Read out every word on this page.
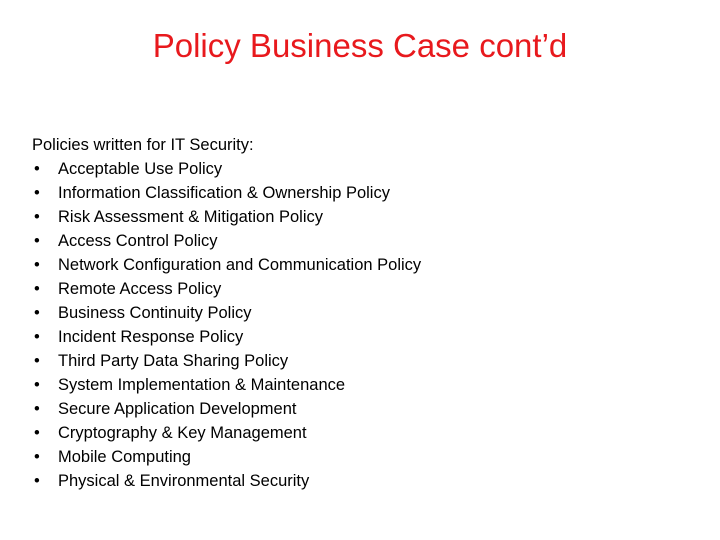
Policy Business Case cont’d
Policies written for IT Security:
• Acceptable Use Policy
• Information Classification & Ownership Policy
• Risk Assessment & Mitigation Policy
• Access Control Policy
• Network Configuration and Communication Policy
• Remote Access Policy
• Business Continuity Policy
• Incident Response Policy
• Third Party Data Sharing Policy
• System Implementation & Maintenance
• Secure Application Development
• Cryptography & Key Management
• Mobile Computing
• Physical & Environmental Security
